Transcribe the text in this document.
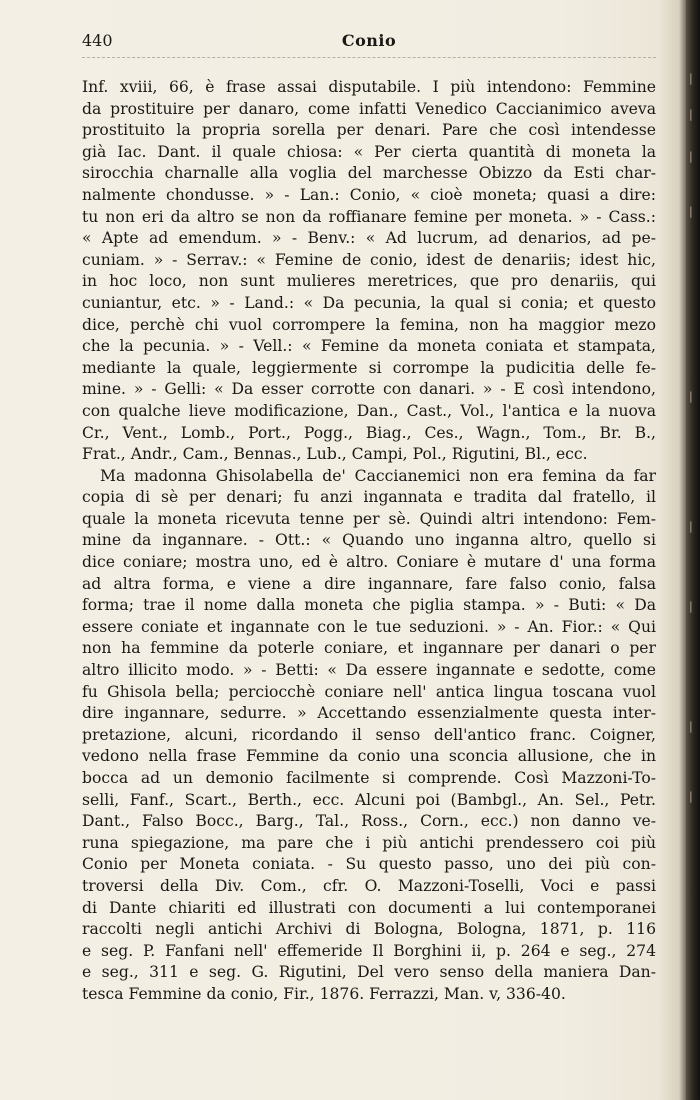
|
|
|
|
|
|
|
|
|
440	Conio
Inf. xviii, 66, è frase assai disputabile. I più intendono: Femmine
da prostituire per danaro, come infatti Venedico Caccianimico aveva
prostituito la propria sorella per denari. Pare che così intendesse
già Iac. Dant. il quale chiosa: « Per cierta quantità di moneta la
sirocchia charnalle alla voglia del marchesse Obizzo da Esti char-
nalmente chondusse. » - Lan.: Conio, « cioè moneta; quasi a dire:
tu non eri da altro se non da roffianare femine per moneta. » - Cass.:
« Apte ad emendum. » - Benv.: « Ad lucrum, ad denarios, ad pe-
cuniam. » - Serrav.: « Femine de conio, idest de denariis; idest hic,
in hoc loco, non sunt mulieres meretrices, que pro denariis, qui
cuniantur, etc. » - Land.: « Da pecunia, la qual si conia; et questo
dice, perchè chi vuol corrompere la femina, non ha maggior mezo
che la pecunia. » - Vell.: « Femine da moneta coniata et stampata,
mediante la quale, leggiermente si corrompe la pudicitia delle fe-
mine. » - Gelli: « Da esser corrotte con danari. » - E così intendono,
con qualche lieve modificazione, Dan., Cast., Vol., l'antica e la nuova
Cr., Vent., Lomb., Port., Pogg., Biag., Ces., Wagn., Tom., Br. B.,
Frat., Andr., Cam., Bennas., Lub., Campi, Pol., Rigutini, Bl., ecc.
Ma madonna Ghisolabella de' Caccianemici non era femina da far
copia di sè per denari; fu anzi ingannata e tradita dal fratello, il
quale la moneta ricevuta tenne per sè. Quindi altri intendono: Fem-
mine da ingannare. - Ott.: « Quando uno inganna altro, quello si
dice coniare; mostra uno, ed è altro. Coniare è mutare d' una forma
ad altra forma, e viene a dire ingannare, fare falso conio, falsa
forma; trae il nome dalla moneta che piglia stampa. » - Buti: « Da
essere coniate et ingannate con le tue seduzioni. » - An. Fior.: « Qui
non ha femmine da poterle coniare, et ingannare per danari o per
altro illicito modo. » - Betti: « Da essere ingannate e sedotte, come
fu Ghisola bella; perciocchè coniare nell' antica lingua toscana vuol
dire ingannare, sedurre. » Accettando essenzialmente questa inter-
pretazione, alcuni, ricordando il senso dell'antico franc. Coigner,
vedono nella frase Femmine da conio una sconcia allusione, che in
bocca ad un demonio facilmente si comprende. Così Mazzoni-To-
selli, Fanf., Scart., Berth., ecc. Alcuni poi (Bambgl., An. Sel., Petr.
Dant., Falso Bocc., Barg., Tal., Ross., Corn., ecc.) non danno ve-
runa spiegazione, ma pare che i più antichi prendessero coi più
Conio per Moneta coniata. - Su questo passo, uno dei più con-
troversi della Div. Com., cfr. O. Mazzoni-Toselli, Voci e passi
di Dante chiariti ed illustrati con documenti a lui contemporanei
raccolti negli antichi Archivi di Bologna, Bologna, 1871, p. 116
e seg. P. Fanfani nell' effemeride Il Borghini ii, p. 264 e seg., 274
e seg., 311 e seg. G. Rigutini, Del vero senso della maniera Dan-
tesca Femmine da conio, Fir., 1876. Ferrazzi, Man. v, 336-40.
